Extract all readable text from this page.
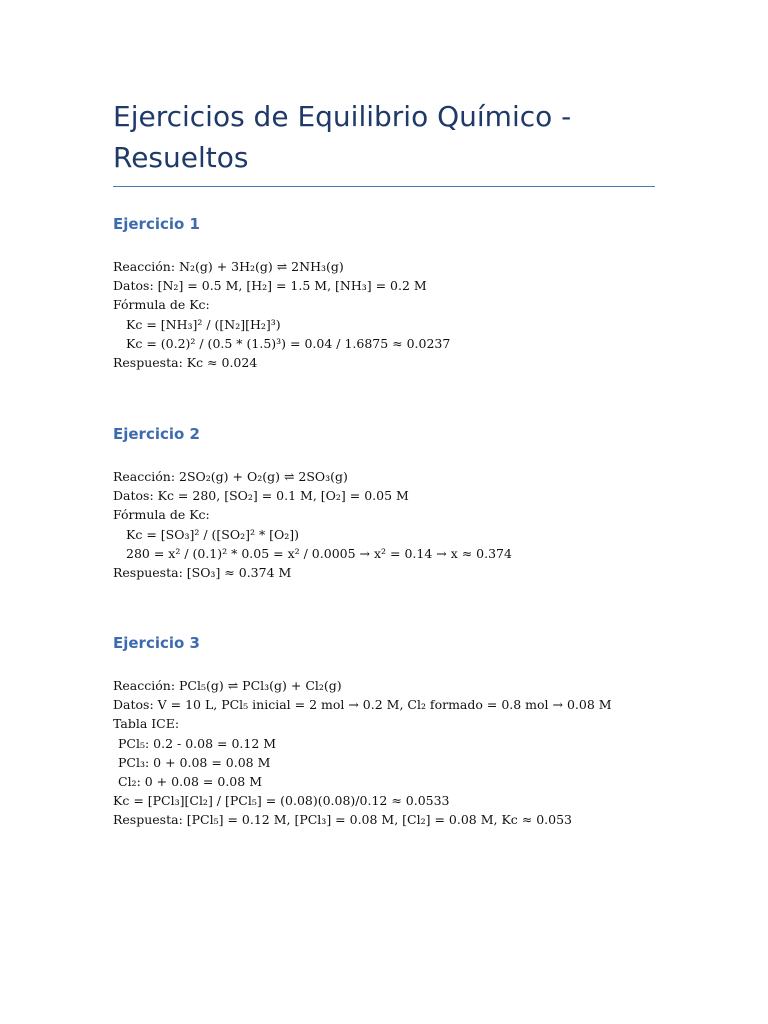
Ejercicios de Equilibrio Químico - Resueltos
Ejercicio 1

Reacción: N₂(g) + 3H₂(g) ⇌ 2NH₃(g)

Datos: [N₂] = 0.5 M, [H₂] = 1.5 M, [NH₃] = 0.2 M

Fórmula de Kc:

Kc = [NH₃]² / ([N₂][H₂]³)

Kc = (0.2)² / (0.5 * (1.5)³) = 0.04 / 1.6875 ≈ 0.0237

Respuesta: Kc ≈ 0.024

Ejercicio 2

Reacción: 2SO₂(g) + O₂(g) ⇌ 2SO₃(g)

Datos: Kc = 280, [SO₂] = 0.1 M, [O₂] = 0.05 M

Fórmula de Kc:

Kc = [SO₃]² / ([SO₂]² * [O₂])

280 = x² / (0.1)² * 0.05 = x² / 0.0005 → x² = 0.14 → x ≈ 0.374

Respuesta: [SO₃] ≈ 0.374 M

Ejercicio 3

Reacción: PCl₅(g) ⇌ PCl₃(g) + Cl₂(g)

Datos: V = 10 L, PCl₅ inicial = 2 mol → 0.2 M, Cl₂ formado = 0.8 mol → 0.08 M

Tabla ICE:

PCl₅: 0.2 - 0.08 = 0.12 M

PCl₃: 0 + 0.08 = 0.08 M

Cl₂: 0 + 0.08 = 0.08 M

Kc = [PCl₃][Cl₂] / [PCl₅] = (0.08)(0.08)/0.12 ≈ 0.0533

Respuesta: [PCl₅] = 0.12 M, [PCl₃] = 0.08 M, [Cl₂] = 0.08 M, Kc ≈ 0.053
